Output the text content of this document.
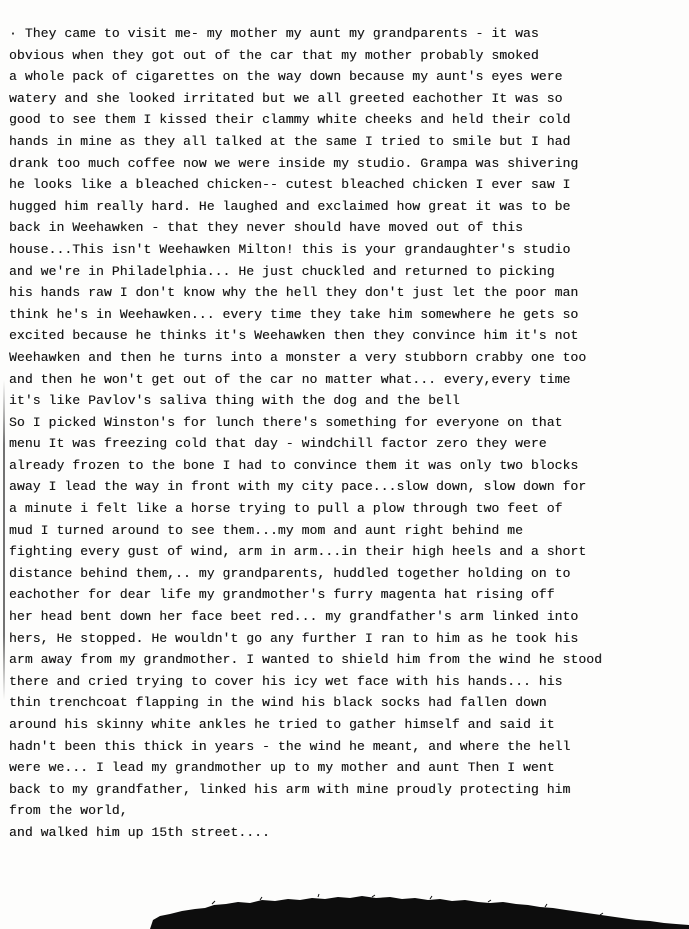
· They came to visit me- my mother my aunt my grandparents - it was
obvious when they got out of the car that my mother probably smoked
a whole pack of cigarettes on the way down because my aunt's eyes were
watery and she looked irritated but we all greeted eachother It was so
good to see them I kissed their clammy white cheeks and held their cold
hands in mine as they all talked at the same I tried to smile but I had
drank too much coffee now we were inside my studio. Grampa was shivering
he looks like a bleached chicken-- cutest bleached chicken I ever saw I
hugged him really hard. He laughed and exclaimed how great it was to be
back in Weehawken - that they never should have moved out of this
house...This isn't Weehawken Milton! this is your grandaughter's studio
and we're in Philadelphia... He just chuckled and returned to picking
his hands raw I don't know why the hell they don't just let the poor man
think he's in Weehawken... every time they take him somewhere he gets so
excited because he thinks it's Weehawken then they convince him it's not
Weehawken and then he turns into a monster a very stubborn crabby one too
and then he won't get out of the car no matter what... every,every time
it's like Pavlov's saliva thing with the dog and the bell
So I picked Winston's for lunch there's something for everyone on that
menu It was freezing cold that day - windchill factor zero they were
already frozen to the bone I had to convince them it was only two blocks
away I lead the way in front with my city pace...slow down, slow down for
a minute i felt like a horse trying to pull a plow through two feet of
mud I turned around to see them...my mom and aunt right behind me
fighting every gust of wind, arm in arm...in their high heels and a short
distance behind them,.. my grandparents, huddled together holding on to
eachother for dear life my grandmother's furry magenta hat rising off
her head bent down her face beet red... my grandfather's arm linked into
hers, He stopped. He wouldn't go any further I ran to him as he took his
arm away from my grandmother. I wanted to shield him from the wind he stood
there and cried trying to cover his icy wet face with his hands... his
thin trenchcoat flapping in the wind his black socks had fallen down
around his skinny white ankles he tried to gather himself and said it
hadn't been this thick in years - the wind he meant, and where the hell
were we... I lead my grandmother up to my mother and aunt Then I went
back to my grandfather, linked his arm with mine proudly protecting him
from the world,
and walked him up 15th street....
